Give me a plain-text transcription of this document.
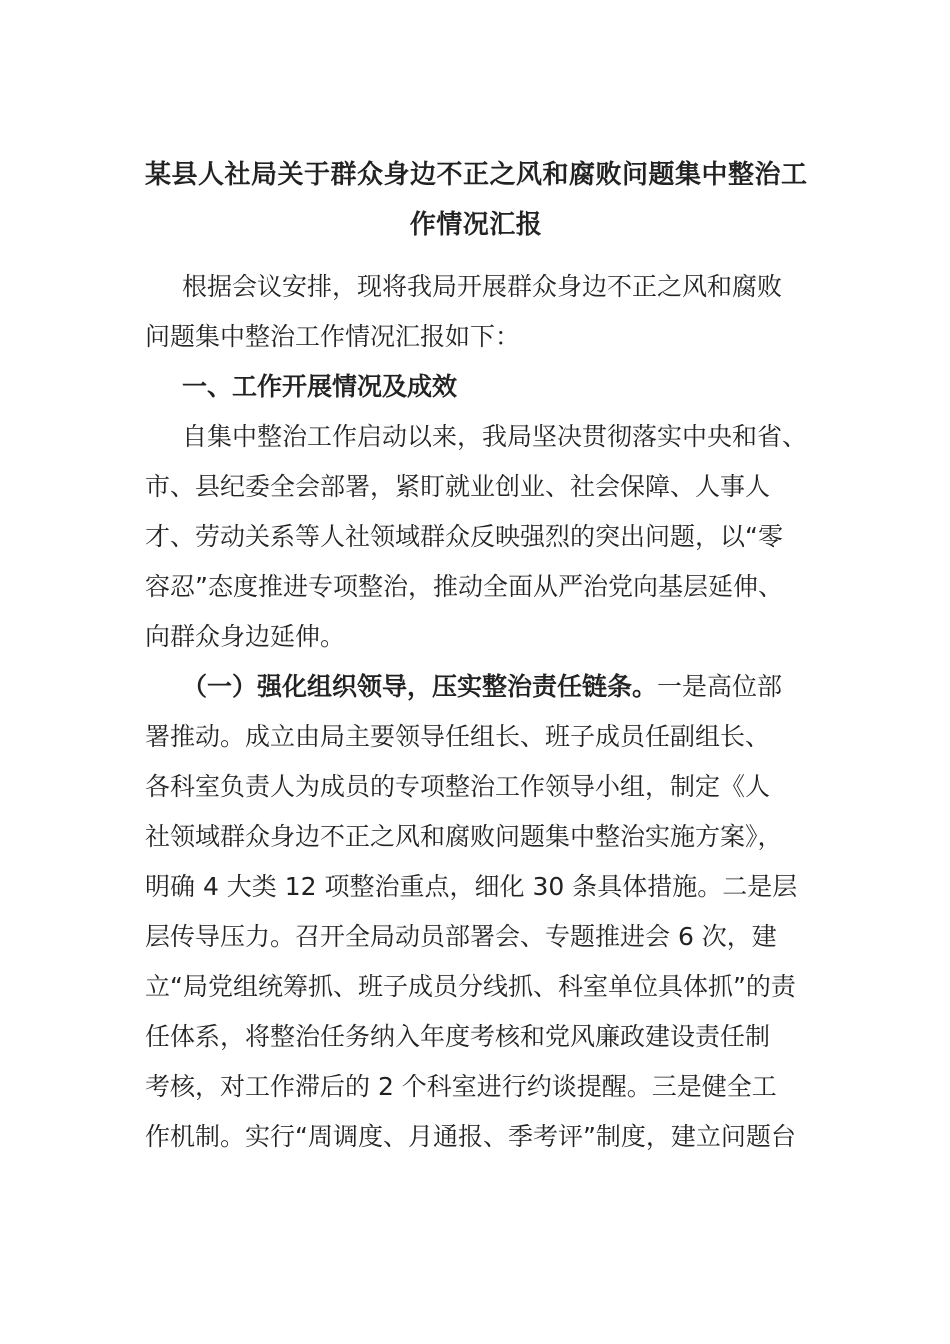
某县人社局关于群众身边不正之风和腐败问题集中整治工
作情况汇报

根据会议安排，现将我局开展群众身边不正之风和腐败
问题集中整治工作情况汇报如下：

一、工作开展情况及成效

自集中整治工作启动以来，我局坚决贯彻落实中央和省、
市、县纪委全会部署，紧盯就业创业、社会保障、人事人
才、劳动关系等人社领域群众反映强烈的突出问题，以“零
容忍”态度推进专项整治，推动全面从严治党向基层延伸、
向群众身边延伸。

（一）强化组织领导，压实整治责任链条。一是高位部
署推动。成立由局主要领导任组长、班子成员任副组长、
各科室负责人为成员的专项整治工作领导小组，制定《人
社领域群众身边不正之风和腐败问题集中整治实施方案》，
明确 4 大类 12 项整治重点，细化 30 条具体措施。二是层
层传导压力。召开全局动员部署会、专题推进会 6 次，建
立“局党组统筹抓、班子成员分线抓、科室单位具体抓”的责
任体系，将整治任务纳入年度考核和党风廉政建设责任制
考核，对工作滞后的 2 个科室进行约谈提醒。三是健全工
作机制。实行“周调度、月通报、季考评”制度，建立问题台
